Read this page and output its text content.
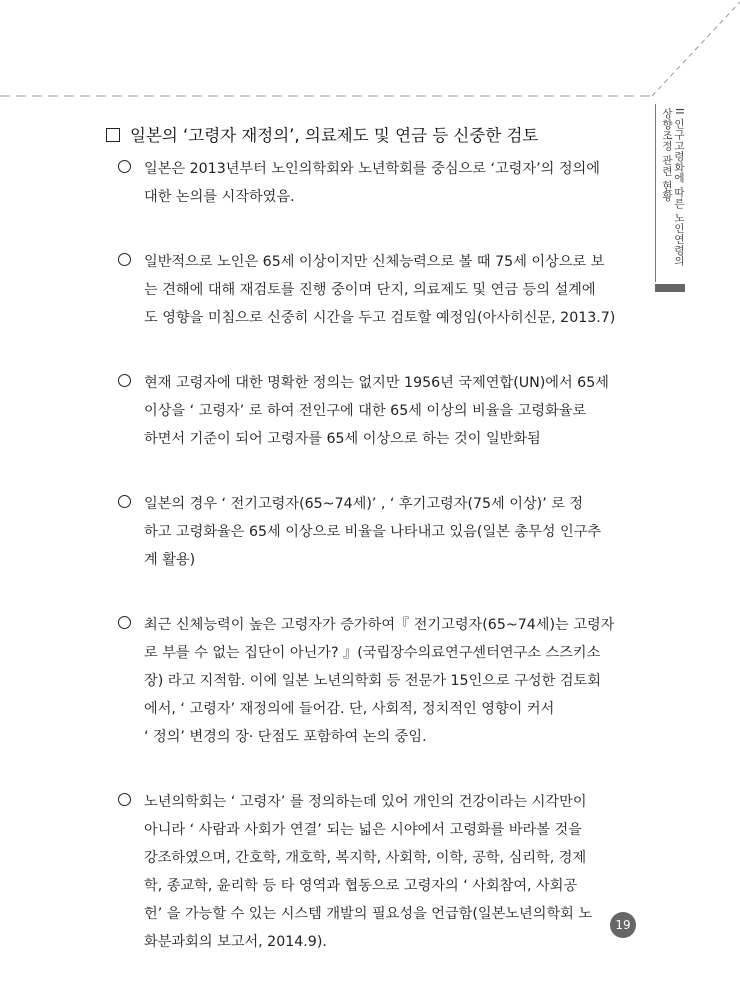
II 인구고령화에 따른 노인연령의 상향조정 관련 현황
일본의 ‘고령자 재정의’, 의료제도 및 연금 등 신중한 검토
일본은 2013년부터 노인의학회와 노년학회를 중심으로 ‘고령자’의 정의에
대한 논의를 시작하였음.
일반적으로 노인은 65세 이상이지만 신체능력으로 볼 때 75세 이상으로 보
는 견해에 대해 재검토를 진행 중이며 단지, 의료제도 및 연금 등의 설계에
도 영향을 미침으로 신중히 시간을 두고 검토할 예정임(아사히신문, 2013.7)
현재 고령자에 대한 명확한 정의는 없지만 1956년 국제연합(UN)에서 65세
이상을 ‘ 고령자’ 로 하여 전인구에 대한 65세 이상의 비율을 고령화율로
하면서 기준이 되어 고령자를 65세 이상으로 하는 것이 일반화됨
일본의 경우 ‘ 전기고령자(65~74세)’ , ‘ 후기고령자(75세 이상)’ 로 정
하고 고령화율은 65세 이상으로 비율을 나타내고 있음(일본 총무성 인구추
계 활용)
최근 신체능력이 높은 고령자가 증가하여『 전기고령자(65~74세)는 고령자
로 부를 수 없는 집단이 아닌가? 』(국립장수의료연구센터연구소 스즈키소
장) 라고 지적함. 이에 일본 노년의학회 등 전문가 15인으로 구성한 검토회
에서, ‘ 고령자’ 재정의에 들어감. 단, 사회적, 정치적인 영향이 커서
‘ 정의’ 변경의 장· 단점도 포함하여 논의 중임.
노년의학회는 ‘ 고령자’ 를 정의하는데 있어 개인의 건강이라는 시각만이
아니라 ‘ 사람과 사회가 연결’ 되는 넓은 시야에서 고령화를 바라볼 것을
강조하였으며, 간호학, 개호학, 복지학, 사회학, 이학, 공학, 심리학, 경제
학, 종교학, 윤리학 등 타 영역과 협동으로 고령자의 ‘ 사회참여, 사회공
헌’ 을 가능할 수 있는 시스템 개발의 필요성을 언급함(일본노년의학회 노
화분과회의 보고서, 2014.9).
19
